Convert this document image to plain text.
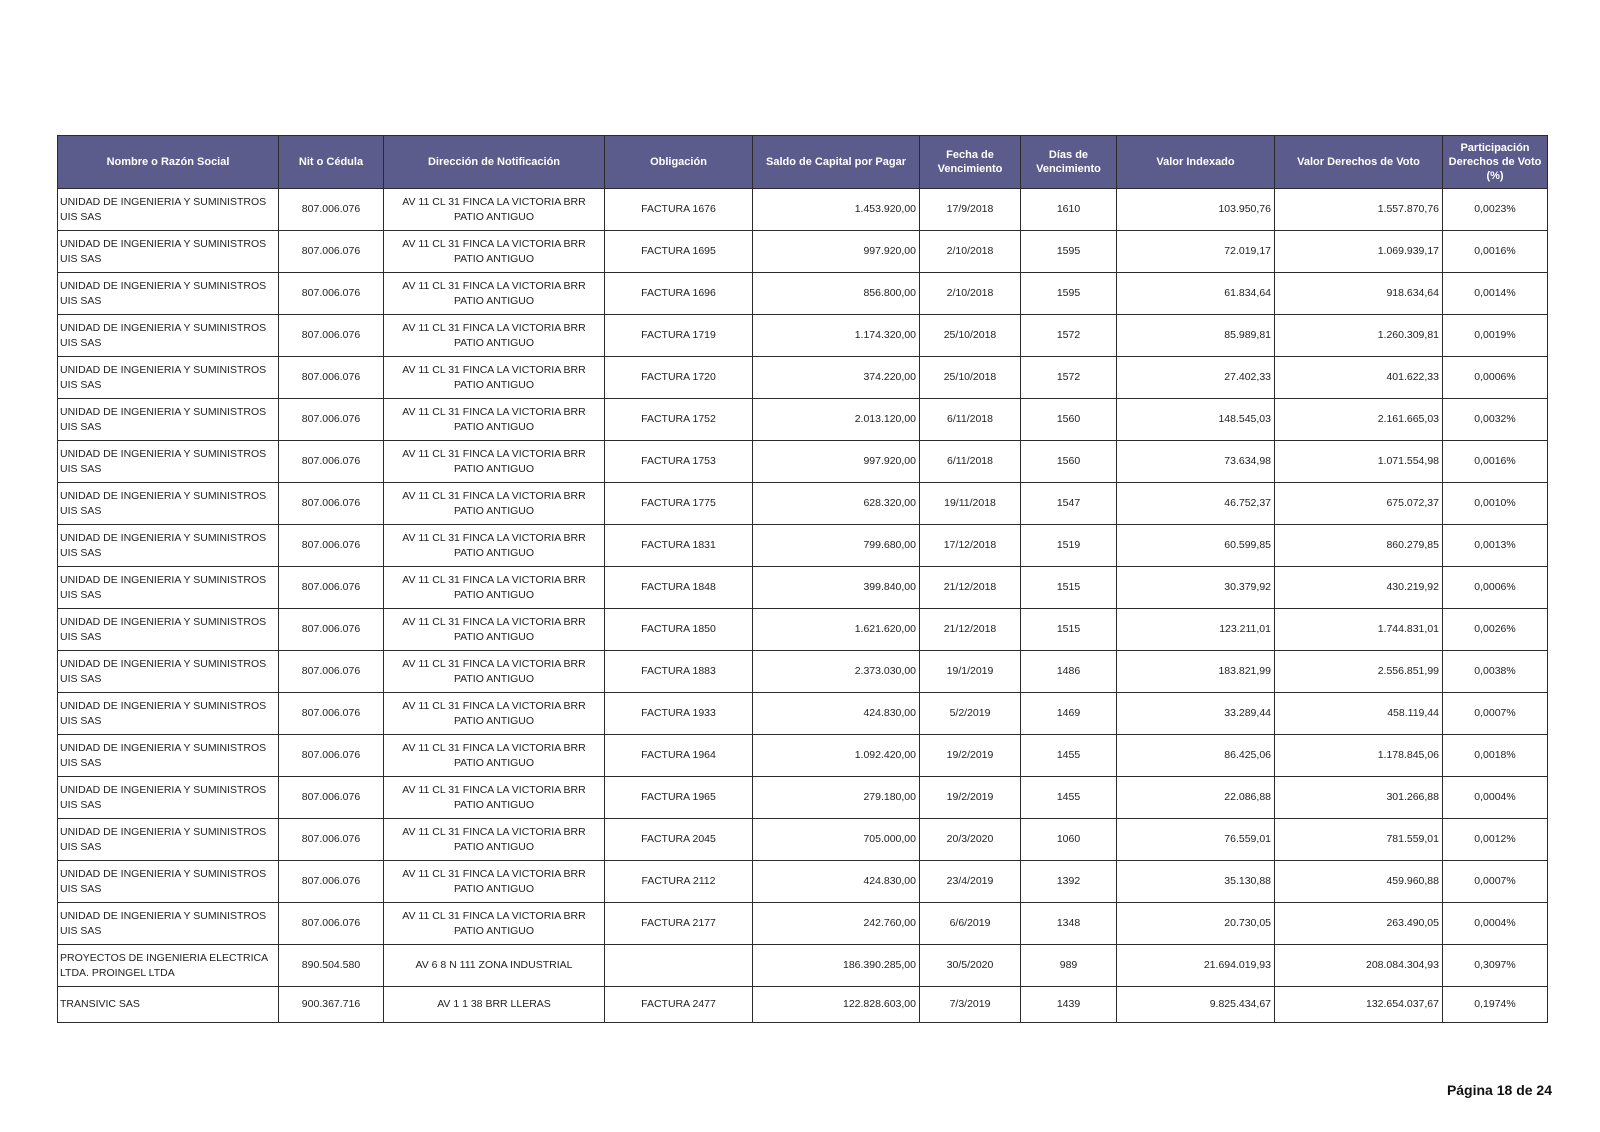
Nombre o Razón Social	Nit o Cédula	Dirección de Notificación	Obligación	Saldo de Capital por Pagar	Fecha de Vencimiento	Días de Vencimiento	Valor Indexado	Valor Derechos de Voto	Participación Derechos de Voto (%)
UNIDAD DE INGENIERIA Y SUMINISTROS UIS SAS	807.006.076	AV 11 CL 31 FINCA LA VICTORIA BRR PATIO ANTIGUO	FACTURA 1676	1.453.920,00	17/9/2018	1610	103.950,76	1.557.870,76	0,0023%
UNIDAD DE INGENIERIA Y SUMINISTROS UIS SAS	807.006.076	AV 11 CL 31 FINCA LA VICTORIA BRR PATIO ANTIGUO	FACTURA 1695	997.920,00	2/10/2018	1595	72.019,17	1.069.939,17	0,0016%
UNIDAD DE INGENIERIA Y SUMINISTROS UIS SAS	807.006.076	AV 11 CL 31 FINCA LA VICTORIA BRR PATIO ANTIGUO	FACTURA 1696	856.800,00	2/10/2018	1595	61.834,64	918.634,64	0,0014%
UNIDAD DE INGENIERIA Y SUMINISTROS UIS SAS	807.006.076	AV 11 CL 31 FINCA LA VICTORIA BRR PATIO ANTIGUO	FACTURA 1719	1.174.320,00	25/10/2018	1572	85.989,81	1.260.309,81	0,0019%
UNIDAD DE INGENIERIA Y SUMINISTROS UIS SAS	807.006.076	AV 11 CL 31 FINCA LA VICTORIA BRR PATIO ANTIGUO	FACTURA 1720	374.220,00	25/10/2018	1572	27.402,33	401.622,33	0,0006%
UNIDAD DE INGENIERIA Y SUMINISTROS UIS SAS	807.006.076	AV 11 CL 31 FINCA LA VICTORIA BRR PATIO ANTIGUO	FACTURA 1752	2.013.120,00	6/11/2018	1560	148.545,03	2.161.665,03	0,0032%
UNIDAD DE INGENIERIA Y SUMINISTROS UIS SAS	807.006.076	AV 11 CL 31 FINCA LA VICTORIA BRR PATIO ANTIGUO	FACTURA 1753	997.920,00	6/11/2018	1560	73.634,98	1.071.554,98	0,0016%
UNIDAD DE INGENIERIA Y SUMINISTROS UIS SAS	807.006.076	AV 11 CL 31 FINCA LA VICTORIA BRR PATIO ANTIGUO	FACTURA 1775	628.320,00	19/11/2018	1547	46.752,37	675.072,37	0,0010%
UNIDAD DE INGENIERIA Y SUMINISTROS UIS SAS	807.006.076	AV 11 CL 31 FINCA LA VICTORIA BRR PATIO ANTIGUO	FACTURA 1831	799.680,00	17/12/2018	1519	60.599,85	860.279,85	0,0013%
UNIDAD DE INGENIERIA Y SUMINISTROS UIS SAS	807.006.076	AV 11 CL 31 FINCA LA VICTORIA BRR PATIO ANTIGUO	FACTURA 1848	399.840,00	21/12/2018	1515	30.379,92	430.219,92	0,0006%
UNIDAD DE INGENIERIA Y SUMINISTROS UIS SAS	807.006.076	AV 11 CL 31 FINCA LA VICTORIA BRR PATIO ANTIGUO	FACTURA 1850	1.621.620,00	21/12/2018	1515	123.211,01	1.744.831,01	0,0026%
UNIDAD DE INGENIERIA Y SUMINISTROS UIS SAS	807.006.076	AV 11 CL 31 FINCA LA VICTORIA BRR PATIO ANTIGUO	FACTURA 1883	2.373.030,00	19/1/2019	1486	183.821,99	2.556.851,99	0,0038%
UNIDAD DE INGENIERIA Y SUMINISTROS UIS SAS	807.006.076	AV 11 CL 31 FINCA LA VICTORIA BRR PATIO ANTIGUO	FACTURA 1933	424.830,00	5/2/2019	1469	33.289,44	458.119,44	0,0007%
UNIDAD DE INGENIERIA Y SUMINISTROS UIS SAS	807.006.076	AV 11 CL 31 FINCA LA VICTORIA BRR PATIO ANTIGUO	FACTURA 1964	1.092.420,00	19/2/2019	1455	86.425,06	1.178.845,06	0,0018%
UNIDAD DE INGENIERIA Y SUMINISTROS UIS SAS	807.006.076	AV 11 CL 31 FINCA LA VICTORIA BRR PATIO ANTIGUO	FACTURA 1965	279.180,00	19/2/2019	1455	22.086,88	301.266,88	0,0004%
UNIDAD DE INGENIERIA Y SUMINISTROS UIS SAS	807.006.076	AV 11 CL 31 FINCA LA VICTORIA BRR PATIO ANTIGUO	FACTURA 2045	705.000,00	20/3/2020	1060	76.559,01	781.559,01	0,0012%
UNIDAD DE INGENIERIA Y SUMINISTROS UIS SAS	807.006.076	AV 11 CL 31 FINCA LA VICTORIA BRR PATIO ANTIGUO	FACTURA 2112	424.830,00	23/4/2019	1392	35.130,88	459.960,88	0,0007%
UNIDAD DE INGENIERIA Y SUMINISTROS UIS SAS	807.006.076	AV 11 CL 31 FINCA LA VICTORIA BRR PATIO ANTIGUO	FACTURA 2177	242.760,00	6/6/2019	1348	20.730,05	263.490,05	0,0004%
PROYECTOS DE INGENIERIA ELECTRICA LTDA. PROINGEL LTDA	890.504.580	AV 6 8 N 111 ZONA INDUSTRIAL		186.390.285,00	30/5/2020	989	21.694.019,93	208.084.304,93	0,3097%
TRANSIVIC SAS	900.367.716	AV 1 1 38 BRR LLERAS	FACTURA 2477	122.828.603,00	7/3/2019	1439	9.825.434,67	132.654.037,67	0,1974%
Página 18 de 24
